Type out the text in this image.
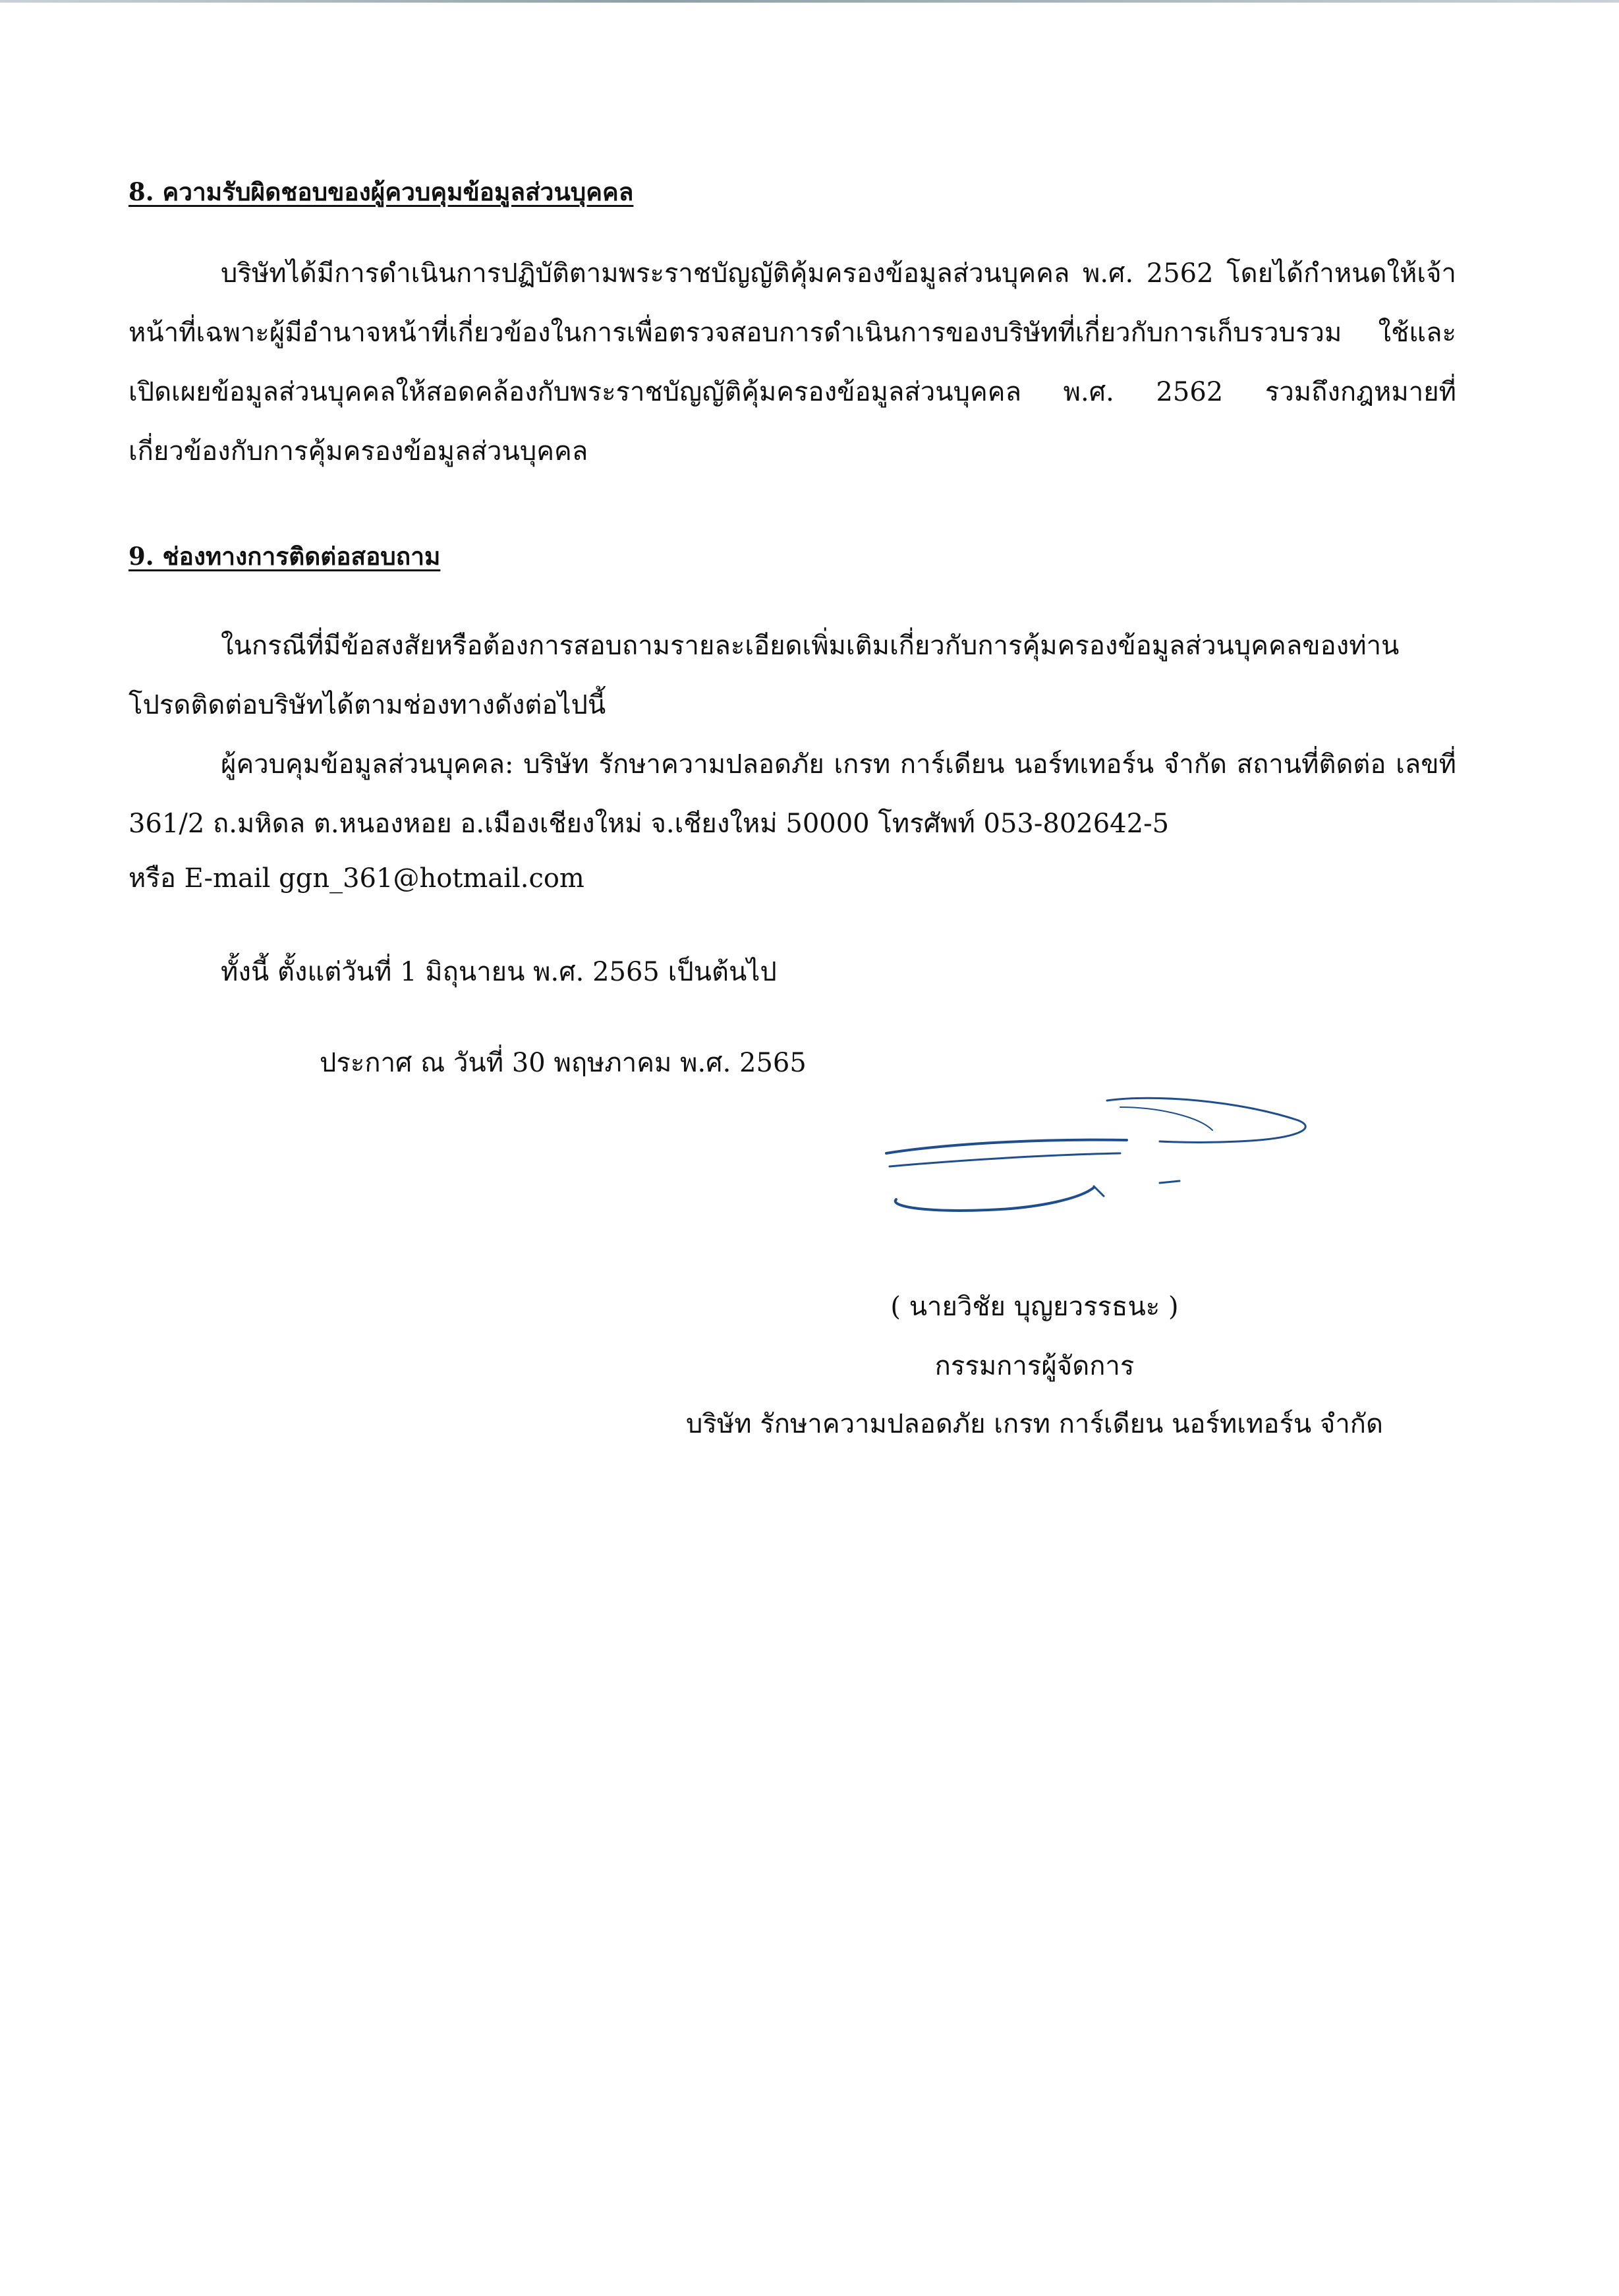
8. ความรับผิดชอบของผู้ควบคุมข้อมูลส่วนบุคคล
บริษัทได้มีการดำเนินการปฏิบัติตามพระราชบัญญัติคุ้มครองข้อมูลส่วนบุคคล พ.ศ. 2562 โดยได้กำหนดให้เจ้าหน้าที่เฉพาะผู้มีอำนาจหน้าที่เกี่ยวข้องในการเพื่อตรวจสอบการดำเนินการของบริษัทที่เกี่ยวกับการเก็บรวบรวม ใช้และเปิดเผยข้อมูลส่วนบุคคลให้สอดคล้องกับพระราชบัญญัติคุ้มครองข้อมูลส่วนบุคคล พ.ศ. 2562 รวมถึงกฎหมายที่เกี่ยวข้องกับการคุ้มครองข้อมูลส่วนบุคคล
9. ช่องทางการติดต่อสอบถาม
ในกรณีที่มีข้อสงสัยหรือต้องการสอบถามรายละเอียดเพิ่มเติมเกี่ยวกับการคุ้มครองข้อมูลส่วนบุคคลของท่าน โปรดติดต่อบริษัทได้ตามช่องทางดังต่อไปนี้
ผู้ควบคุมข้อมูลส่วนบุคคล: บริษัท รักษาความปลอดภัย เกรท การ์เดียน นอร์ทเทอร์น จำกัด สถานที่ติดต่อ เลขที่ 361/2 ถ.มหิดล ต.หนองหอย อ.เมืองเชียงใหม่ จ.เชียงใหม่ 50000 โทรศัพท์ 053-802642-5
หรือ E-mail ggn_361@hotmail.com
ทั้งนี้ ตั้งแต่วันที่ 1 มิถุนายน พ.ศ. 2565 เป็นต้นไป
ประกาศ ณ วันที่ 30 พฤษภาคม พ.ศ. 2565
( นายวิชัย บุญยวรรธนะ )
กรรมการผู้จัดการ
บริษัท รักษาความปลอดภัย เกรท การ์เดียน นอร์ทเทอร์น จำกัด
